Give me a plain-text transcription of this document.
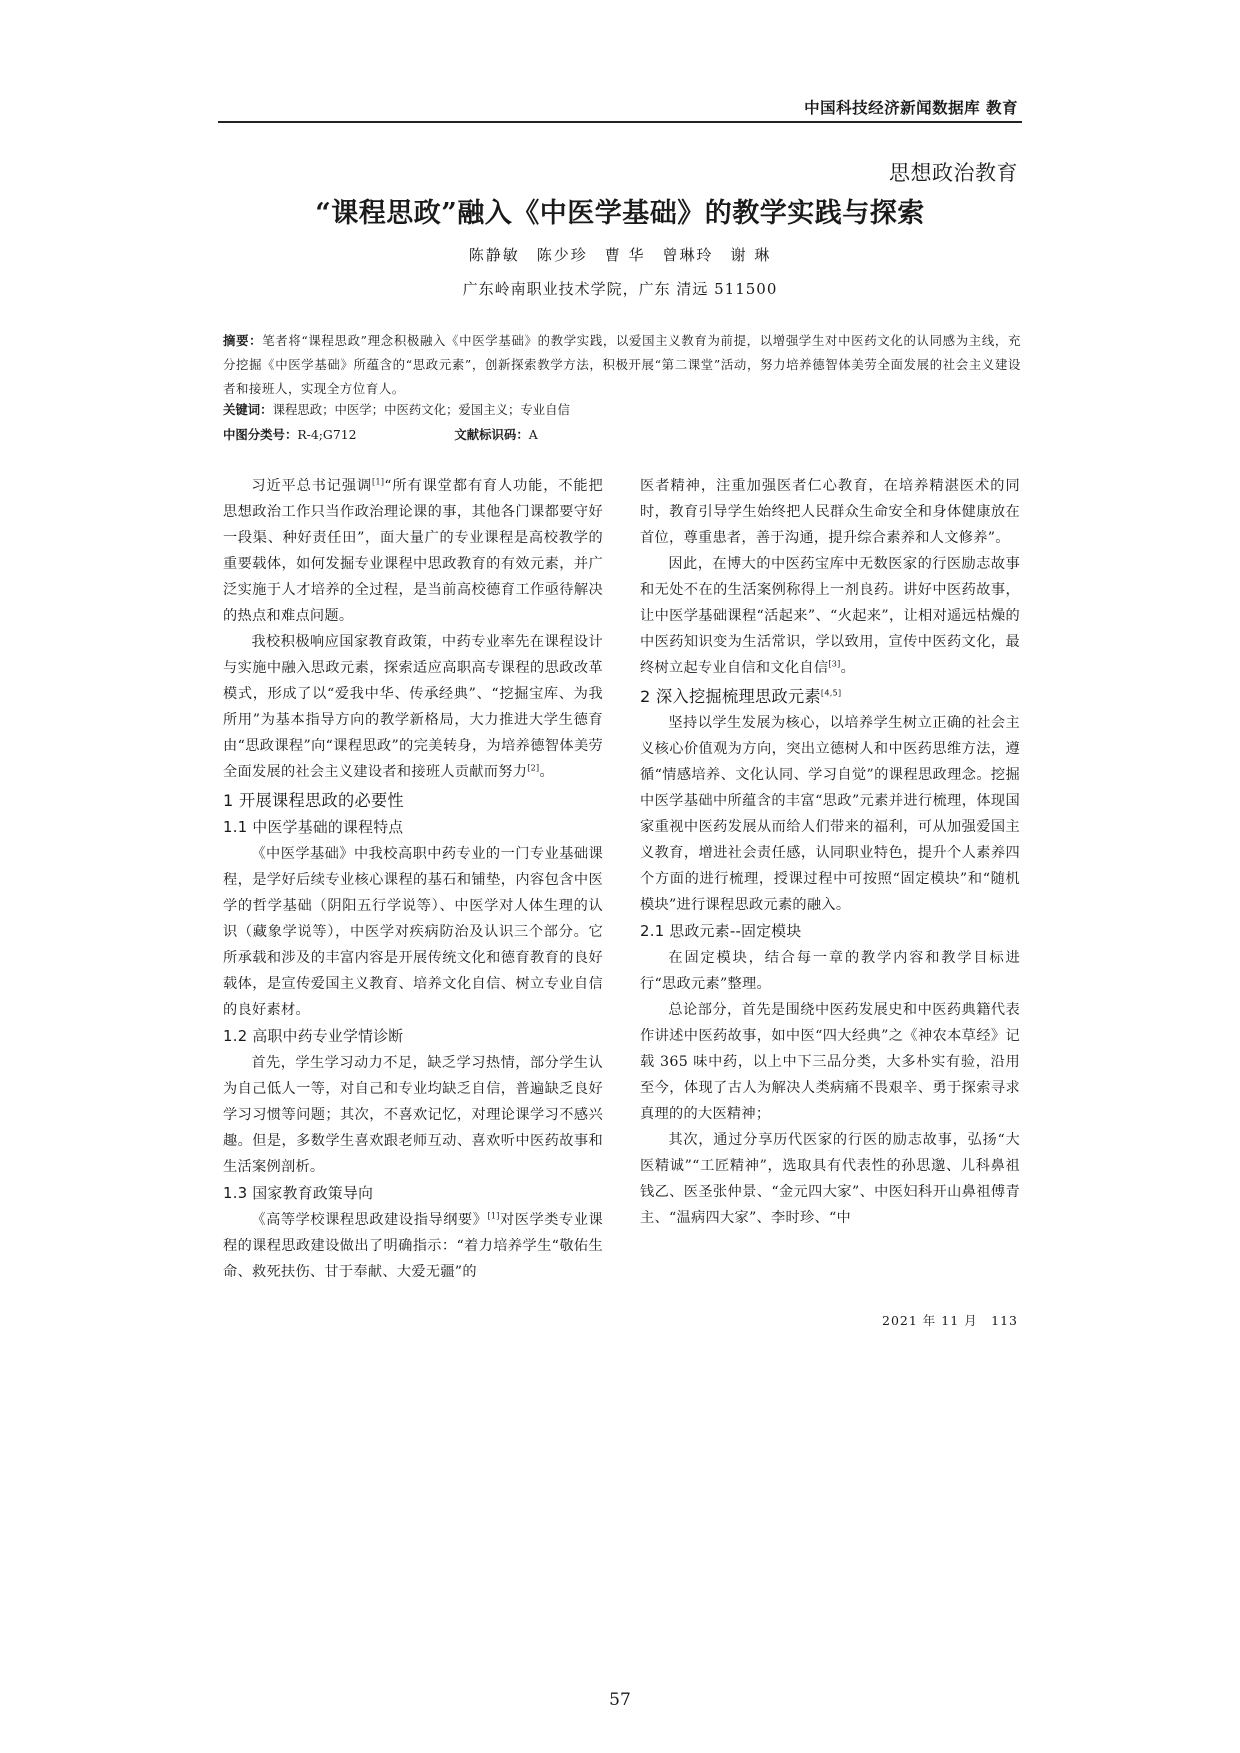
中国科技经济新闻数据库 教育
思想政治教育
“课程思政”融入《中医学基础》的教学实践与探索
陈静敏　陈少珍　曹 华　曾琳玲　谢 琳
广东岭南职业技术学院，广东 清远 511500
摘要：笔者将“课程思政”理念积极融入《中医学基础》的教学实践，以爱国主义教育为前提，以增强学生对中医药文化的认同感为主线，充分挖掘《中医学基础》所蕴含的“思政元素”，创新探索教学方法，积极开展“第二课堂”活动，努力培养德智体美劳全面发展的社会主义建设者和接班人，实现全方位育人。
关键词：课程思政；中医学；中医药文化；爱国主义；专业自信
中图分类号：R-4;G712	文献标识码：A

习近平总书记强调[1]“所有课堂都有育人功能，不能把思想政治工作只当作政治理论课的事，其他各门课都要守好一段渠、种好责任田”，面大量广的专业课程是高校教学的重要载体，如何发掘专业课程中思政教育的有效元素，并广泛实施于人才培养的全过程，是当前高校德育工作亟待解决的热点和难点问题。

我校积极响应国家教育政策，中药专业率先在课程设计与实施中融入思政元素，探索适应高职高专课程的思政改革模式，形成了以“爱我中华、传承经典”、“挖掘宝库、为我所用”为基本指导方向的教学新格局，大力推进大学生德育由“思政课程”向“课程思政”的完美转身，为培养德智体美劳全面发展的社会主义建设者和接班人贡献而努力[2]。

1 开展课程思政的必要性
1.1 中医学基础的课程特点

《中医学基础》中我校高职中药专业的一门专业基础课程，是学好后续专业核心课程的基石和铺垫，内容包含中医学的哲学基础（阴阳五行学说等）、中医学对人体生理的认识（藏象学说等），中医学对疾病防治及认识三个部分。它所承载和涉及的丰富内容是开展传统文化和德育教育的良好载体，是宣传爱国主义教育、培养文化自信、树立专业自信的良好素材。

1.2 高职中药专业学情诊断

首先，学生学习动力不足，缺乏学习热情，部分学生认为自己低人一等，对自己和专业均缺乏自信，普遍缺乏良好学习习惯等问题；其次，不喜欢记忆，对理论课学习不感兴趣。但是，多数学生喜欢跟老师互动、喜欢听中医药故事和生活案例剖析。

1.3 国家教育政策导向

《高等学校课程思政建设指导纲要》[1]对医学类专业课程的课程思政建设做出了明确指示：“着力培养学生“敬佑生命、救死扶伤、甘于奉献、大爱无疆”的

医者精神，注重加强医者仁心教育，在培养精湛医术的同时，教育引导学生始终把人民群众生命安全和身体健康放在首位，尊重患者，善于沟通，提升综合素养和人文修养”。

因此，在博大的中医药宝库中无数医家的行医励志故事和无处不在的生活案例称得上一剂良药。讲好中医药故事，让中医学基础课程“活起来”、“火起来”，让相对遥远枯燥的中医药知识变为生活常识，学以致用，宣传中医药文化，最终树立起专业自信和文化自信[3]。

2 深入挖掘梳理思政元素[4,5]

坚持以学生发展为核心，以培养学生树立正确的社会主义核心价值观为方向，突出立德树人和中医药思维方法，遵循“情感培养、文化认同、学习自觉”的课程思政理念。挖掘中医学基础中所蕴含的丰富“思政”元素并进行梳理，体现国家重视中医药发展从而给人们带来的福利，可从加强爱国主义教育，增进社会责任感，认同职业特色，提升个人素养四个方面的进行梳理，授课过程中可按照“固定模块”和“随机模块”进行课程思政元素的融入。

2.1 思政元素--固定模块

在固定模块，结合每一章的教学内容和教学目标进行“思政元素”整理。

总论部分，首先是围绕中医药发展史和中医药典籍代表作讲述中医药故事，如中医“四大经典”之《神农本草经》记载 365 味中药，以上中下三品分类，大多朴实有验，沿用至今，体现了古人为解决人类病痛不畏艰辛、勇于探索寻求真理的的大医精神；

其次，通过分享历代医家的行医的励志故事，弘扬“大医精诚”“工匠精神”，选取具有代表性的孙思邈、儿科鼻祖钱乙、医圣张仲景、“金元四大家”、中医妇科开山鼻祖傅青主、“温病四大家”、李时珍、“中

2021 年 11 月　113
57
